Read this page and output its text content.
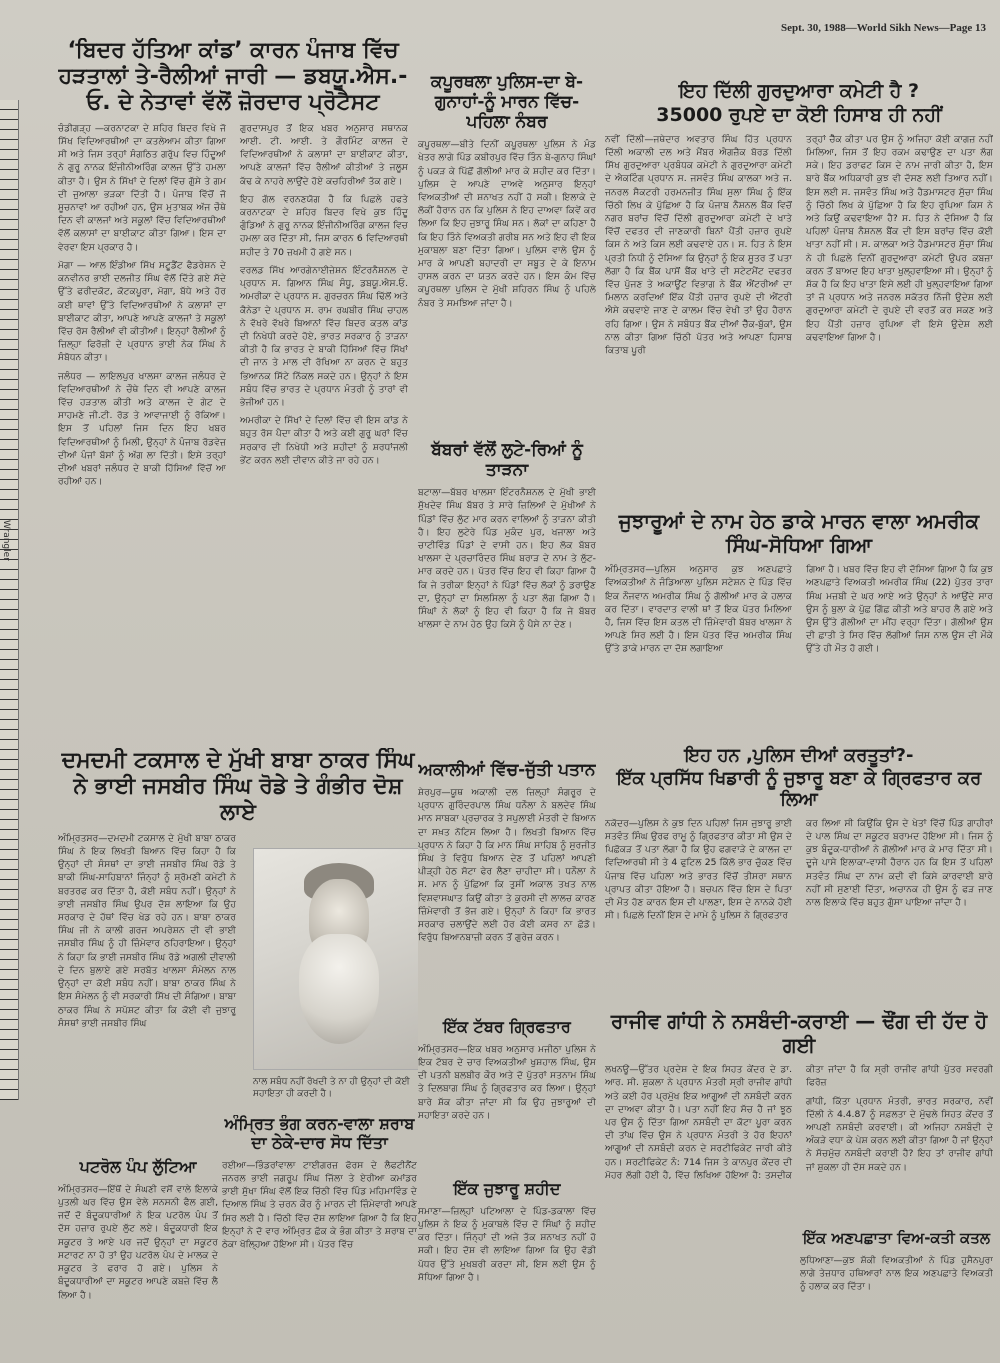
Wrangler
Sept. 30, 1988—World Sikh News—Page 13
‘ਬਿਦਰ ਹੱਤਿਆ ਕਾਂਡ’ ਕਾਰਨ ਪੰਜਾਬ ਵਿੱਚ ਹੜਤਾਲਾਂ ਤੇ-ਰੈਲੀਆਂ ਜਾਰੀ — ਡਬਯੂ.ਐਸ.-ਓ. ਦੇ ਨੇਤਾਵਾਂ ਵੱਲੋਂ ਜ਼ੋਰਦਾਰ ਪ੍ਰੋਟੈਸਟ

ਚੰਡੀਗੜ੍ਹ —ਕਰਨਾਟਕਾ ਦੇ ਸ਼ਹਿਰ ਬਿਦਰ ਵਿਖੇ ਜੋ ਸਿੱਖ ਵਿਦਿਆਰਥੀਆਂ ਦਾ ਕਤਲੇਆਮ ਕੀਤਾ ਗਿਆ ਸੀ ਅਤੇ ਜਿਸ ਤਰ੍ਹਾਂ ਸੰਗਠਿਤ ਗਰੁੱਪ ਵਿਚ ਹਿੰਦੂਆਂ ਨੇ ਗੁਰੂ ਨਾਨਕ ਇੰਜੀਨੀਅਰਿੰਗ ਕਾਲਜ ਉੱਤੇ ਹਮਲਾ ਕੀਤਾ ਹੈ। ਉਸ ਨੇ ਸਿੱਖਾਂ ਦੇ ਦਿਲਾਂ ਵਿੱਚ ਗੁੱਸੇ ਤੇ ਗਮ ਦੀ ਜੁਆਲਾ ਭੜਕਾ ਦਿੱਤੀ ਹੈ। ਪੰਜਾਬ ਵਿੱਚੋਂ ਜੋ ਸੂਚਨਾਵਾਂ ਆ ਰਹੀਆਂ ਹਨ, ਉਸ ਮੁਤਾਬਕ ਅੱਜ ਚੌਥੇ ਦਿਨ ਵੀ ਕਾਲਜਾਂ ਅਤੇ ਸਕੂਲਾਂ ਵਿੱਚ ਵਿਦਿਆਰਥੀਆਂ ਵੱਲੋਂ ਕਲਾਸਾਂ ਦਾ ਬਾਈਕਾਟ ਕੀਤਾ ਗਿਆ। ਇਸ ਦਾ ਵੇਰਵਾ ਇਸ ਪ੍ਰਕਾਰ ਹੈ।

ਮੋਗਾ — ਆਲ ਇੰਡੀਆ ਸਿੱਖ ਸਟੂਡੈਂਟ ਫੈਡਰੇਸ਼ਨ ਦੇ ਕਨਵੀਨਰ ਭਾਈ ਦਲਜੀਤ ਸਿੰਘ ਵੱਲੋਂ ਦਿੱਤੇ ਗਏ ਸੱਦੇ ਉੱਤੇ ਫਰੀਦਕੋਟ, ਕੋਟਕਪੂਰਾ, ਮੋਗਾ, ਬੱਧੇ ਅਤੇ ਹੋਰ ਕਈ ਥਾਵਾਂ ਉੱਤੇ ਵਿਦਿਆਰਥੀਆਂ ਨੇ ਕਲਾਸਾਂ ਦਾ ਬਾਈਕਾਟ ਕੀਤਾ, ਆਪਣੇ ਆਪਣੇ ਕਾਲਜਾਂ ਤੇ ਸਕੂਲਾਂ ਵਿੱਚ ਰੋਸ ਰੈਲੀਆਂ ਵੀ ਕੀਤੀਆਂ। ਇਨ੍ਹਾਂ ਰੈਲੀਆਂ ਨੂੰ ਜ਼ਿਲ੍ਹਾ ਫਿਰੋਜ਼ੀ ਦੇ ਪ੍ਰਧਾਨ ਭਾਈ ਨੇਕ ਸਿੰਘ ਨੇ ਸੰਬੋਧਨ ਕੀਤਾ।

ਜਲੰਧਰ — ਲਾਇਲਪੁਰ ਖਾਲਸਾ ਕਾਲਜ ਜਲੰਧਰ ਦੇ ਵਿਦਿਆਰਥੀਆਂ ਨੇ ਚੌਥੇ ਦਿਨ ਵੀ ਆਪਣੇ ਕਾਲਜ ਵਿੱਚ ਹੜਤਾਲ ਕੀਤੀ ਅਤੇ ਕਾਲਜ ਦੇ ਗੇਟ ਦੇ ਸਾਹਮਣੇ ਜੀ.ਟੀ. ਰੋਡ ਤੇ ਆਵਾਜਾਈ ਨੂੰ ਰੋਕਿਆ। ਇਸ ਤੋਂ ਪਹਿਲਾਂ ਜਿਸ ਦਿਨ ਇਹ ਖਬਰ ਵਿਦਿਆਰਥੀਆਂ ਨੂੰ ਮਿਲੀ, ਉਨ੍ਹਾਂ ਨੇ ਪੰਜਾਬ ਰੋਡਵੇਜ਼ ਦੀਆਂ ਪੰਜਾਂ ਬੱਸਾਂ ਨੂੰ ਅੱਗ ਲਾ ਦਿੱਤੀ। ਇਸੇ ਤਰ੍ਹਾਂ ਦੀਆਂ ਖਬਰਾਂ ਜਲੰਧਰ ਦੇ ਬਾਕੀ ਹਿੱਸਿਆਂ ਵਿੱਚੋਂ ਆ ਰਹੀਆਂ ਹਨ।

ਗੁਰਦਾਸਪੁਰ ਤੋਂ ਇਕ ਖਬਰ ਅਨੁਸਾਰ ਸਥਾਨਕ ਆਈ. ਟੀ. ਆਈ. ਤੇ ਗੌਰਮਿੰਟ ਕਾਲਜ ਦੇ ਵਿਦਿਆਰਥੀਆਂ ਨੇ ਕਲਾਸਾਂ ਦਾ ਬਾਈਕਾਟ ਕੀਤਾ, ਆਪਣੇ ਕਾਲਜਾਂ ਵਿੱਚ ਰੈਲੀਆਂ ਕੀਤੀਆਂ ਤੇ ਜਲੂਸ ਕੱਢ ਕੇ ਨਾਹਰੇ ਲਾਉਂਦੇ ਹੋਏ ਕਚਹਿਰੀਆਂ ਤੱਕ ਗਏ।

ਇਹ ਗੱਲ ਵਰਨਣਯੋਗ ਹੈ ਕਿ ਪਿਛਲੇ ਹਫਤੇ ਕਰਨਾਟਕਾ ਦੇ ਸ਼ਹਿਰ ਬਿਦਰ ਵਿਖੇ ਕੁਝ ਹਿੰਦੂ ਗੁੰਡਿਆਂ ਨੇ ਗੁਰੂ ਨਾਨਕ ਇੰਜੀਨੀਅਰਿੰਗ ਕਾਲਜ ਵਿਚ ਹਮਲਾ ਕਰ ਦਿੱਤਾ ਸੀ, ਜਿਸ ਕਾਰਨ 6 ਵਿਦਿਆਰਥੀ ਸ਼ਹੀਦ ਤੇ 70 ਜ਼ਖਮੀ ਹੋ ਗਏ ਸਨ।

ਵਰਲਡ ਸਿੱਖ ਆਰਗੇਨਾਈਜ਼ੇਸ਼ਨ ਇੰਟਰਨੈਸ਼ਨਲ ਦੇ ਪ੍ਰਧਾਨ ਸ. ਗਿਆਨ ਸਿੰਘ ਸੰਧੂ, ਡਬਯੂ.ਐਸ.ਓ. ਅਮਰੀਕਾ ਦੇ ਪ੍ਰਧਾਨ ਸ. ਗੁਰਚਰਨ ਸਿੰਘ ਢਿੱਲੋਂ ਅਤੇ ਕੈਨੇਡਾ ਦੇ ਪ੍ਰਧਾਨ ਸ. ਰਾਮ ਰਘਬੀਰ ਸਿੰਘ ਚਾਹਲ ਨੇ ਵੱਖਰੇ ਵੱਖਰੇ ਬਿਆਨਾਂ ਵਿੱਚ ਬਿਦਰ ਕਤਲ ਕਾਂਡ ਦੀ ਨਿਖੇਧੀ ਕਰਦੇ ਹੋਏ, ਭਾਰਤ ਸਰਕਾਰ ਨੂੰ ਤਾੜਨਾ ਕੀਤੀ ਹੈ ਕਿ ਭਾਰਤ ਦੇ ਬਾਕੀ ਹਿੱਸਿਆਂ ਵਿੱਚ ਸਿੱਖਾਂ ਦੀ ਜਾਨ ਤੇ ਮਾਲ ਦੀ ਰੱਖਿਆ ਨਾ ਕਰਨ ਦੇ ਬਹੁਤ ਭਿਆਨਕ ਸਿੱਟੇ ਨਿੱਕਲ ਸਕਦੇ ਹਨ। ਉਨ੍ਹਾਂ ਨੇ ਇਸ ਸਬੰਧ ਵਿੱਚ ਭਾਰਤ ਦੇ ਪ੍ਰਧਾਨ ਮੰਤਰੀ ਨੂੰ ਤਾਰਾਂ ਵੀ ਭੇਜੀਆਂ ਹਨ।

ਅਮਰੀਕਾ ਦੇ ਸਿੱਖਾਂ ਦੇ ਦਿਲਾਂ ਵਿੱਚ ਵੀ ਇਸ ਕਾਂਡ ਨੇ ਬਹੁਤ ਰੋਸ ਪੈਦਾ ਕੀਤਾ ਹੈ ਅਤੇ ਕਈ ਗੁਰੂ ਘਰਾਂ ਵਿੱਚ ਸਰਕਾਰ ਦੀ ਨਿਖੇਧੀ ਅਤੇ ਸ਼ਹੀਦਾਂ ਨੂੰ ਸ਼ਰਧਾਂਜਲੀ ਭੇਂਟ ਕਰਨ ਲਈ ਦੀਵਾਨ ਕੀਤੇ ਜਾ ਰਹੇ ਹਨ।

ਦਮਦਮੀ ਟਕਸਾਲ ਦੇ ਮੁੱਖੀ ਬਾਬਾ ਠਾਕਰ ਸਿੰਘ ਨੇ ਭਾਈ ਜਸਬੀਰ ਸਿੰਘ ਰੋਡੇ ਤੇ ਗੰਭੀਰ ਦੋਸ਼ ਲਾਏ

ਅੰਮ੍ਰਿਤਸਰ—ਦਮਦਮੀ ਟਕਸਾਲ ਦੇ ਮੁੱਖੀ ਬਾਬਾ ਠਾਕਰ ਸਿੰਘ ਨੇ ਇਕ ਲਿਖਤੀ ਬਿਆਨ ਵਿੱਚ ਕਿਹਾ ਹੈ ਕਿ ਉਨ੍ਹਾਂ ਦੀ ਸੰਸਥਾਂ ਦਾ ਭਾਈ ਜਸਬੀਰ ਸਿੰਘ ਰੋਡੇ ਤੇ ਬਾਕੀ ਸਿੰਘ-ਸਾਹਿਬਾਨਾਂ ਜਿੰਨ੍ਹਾਂ ਨੂੰ ਸ਼੍ਰੋਮਣੀ ਕਮੇਟੀ ਨੇ ਬਰਤਰਫ ਕਰ ਦਿੱਤਾ ਹੈ, ਕੋਈ ਸਬੰਧ ਨਹੀਂ। ਉਨ੍ਹਾਂ ਨੇ ਭਾਈ ਜਸਬੀਰ ਸਿੰਘ ਉਪਰ ਦੋਸ਼ ਲਾਇਆ ਕਿ ਉਹ ਸਰਕਾਰ ਦੇ ਹੱਥਾਂ ਵਿੱਚ ਖੇਡ ਰਹੇ ਹਨ। ਬਾਬਾ ਠਾਕਰ ਸਿੰਘ ਜੀ ਨੇ ਕਾਲੀ ਗਰਜ ਅਪਰੇਸ਼ਨ ਦੀ ਵੀ ਭਾਈ ਜਸਬੀਰ ਸਿੰਘ ਨੂੰ ਹੀ ਜ਼ਿੰਮੇਵਾਰ ਠਹਿਰਾਇਆ। ਉਨ੍ਹਾਂ ਨੇ ਕਿਹਾ ਕਿ ਭਾਈ ਜਸਬੀਰ ਸਿੰਘ ਰੋਡੇ ਅਗਲੀ ਦੀਵਾਲੀ ਦੇ ਦਿਨ ਬੁਲਾਏ ਗਏ ਸਰਬੱਤ ਖਾਲਸਾ ਸੰਮੇਲਨ ਨਾਲ ਉਨ੍ਹਾਂ ਦਾ ਕੋਈ ਸਬੰਧ ਨਹੀਂ। ਬਾਬਾ ਠਾਕਰ ਸਿੰਘ ਨੇ ਇਸ ਸੰਮੇਲਨ ਨੂੰ ਵੀ ਸਰਕਾਰੀ ਸਿੱਖ ਦੀ ਸੰਗਿਆ। ਬਾਬਾ ਠਾਕਰ ਸਿੰਘ ਨੇ ਸਪੱਸ਼ਟ ਕੀਤਾ ਕਿ ਕੋਈ ਵੀ ਜੁਝਾਰੂ ਸੰਸਥਾਂ ਭਾਈ ਜਸਬੀਰ ਸਿੰਘ

ਨਾਲ ਸਬੰਧ ਨਹੀਂ ਰੱਖਦੀ ਤੇ ਨਾ ਹੀ ਉਨ੍ਹਾਂ ਦੀ ਕੋਈ ਸਹਾਇਤਾ ਹੀ ਕਰਦੀ ਹੈ।
ਅੰਮ੍ਰਿਤ ਭੰਗ ਕਰਨ-ਵਾਲਾ ਸ਼ਰਾਬ ਦਾ ਠੇਕੇ-ਦਾਰ ਸੋਧ ਦਿੱਤਾ

ਰਈਆ—ਭਿੰਡਰਾਂਵਾਲਾ ਟਾਈਗਰਜ਼ ਫੋਰਸ ਦੇ ਲੈਫਟੀਨੈਂਟ ਜਨਰਲ ਭਾਈ ਜਗਰੂਪ ਸਿੰਘ ਜਿੱਲਾ ਤੇ ਏਰੀਆ ਕਮਾਂਡਰ ਭਾਈ ਸੁੱਖਾ ਸਿੰਘ ਵੱਲੋਂ ਇਕ ਚਿੱਠੀ ਵਿੱਚ ਪਿੰਡ ਮਹਿਮਾਵਿੰਡ ਦੇ ਦਿਆਲ ਸਿੰਘ ਤੇ ਚਰਨ ਕੌਰ ਨੂੰ ਮਾਰਨ ਦੀ ਜ਼ਿੰਮੇਵਾਰੀ ਆਪਣੇ ਸਿਰ ਲਈ ਹੈ। ਚਿੱਠੀ ਵਿੱਚ ਦੋਸ਼ ਲਾਇਆ ਗਿਆ ਹੈ ਕਿ ਇਹ ਇਨ੍ਹਾਂ ਨੇ ਦੋ ਵਾਰ ਅੰਮ੍ਰਿਤ ਛੱਕ ਕੇ ਭੰਗ ਕੀਤਾ ਤੇ ਸ਼ਰਾਬ ਦਾ ਠੇਕਾ ਖੋਲ੍ਹਿਆ ਹੋਇਆ ਸੀ। ਪੱਤਰ ਵਿੱਚ

ਪਟਰੋਲ ਪੰਪ ਲੁੱਟਿਆ

ਅੰਮ੍ਰਿਤਸਰ—ਇੱਥੋਂ ਦੇ ਸੰਘਣੀ ਵਸੋਂ ਵਾਲੇ ਇਲਾਕੇ ਪੁਤਲੀ ਘਰ ਵਿੱਚ ਉਸ ਵੇਲੇ ਸਨਸਨੀ ਫੈਲ ਗਈ, ਜਦੋਂ ਦੋ ਬੰਦੂਕਧਾਰੀਆਂ ਨੇ ਇਕ ਪਟਰੋਲ ਪੰਪ ਤੋਂ ਦੱਸ ਹਜ਼ਾਰ ਰੁਪਏ ਲੁੱਟ ਲਏ। ਬੰਦੂਕਧਾਰੀ ਇਕ ਸਕੂਟਰ ਤੇ ਆਏ ਪਰ ਜਦੋਂ ਉਨ੍ਹਾਂ ਦਾ ਸਕੂਟਰ ਸਟਾਰਟ ਨਾ ਹੋ ਤਾਂ ਉਹ ਪਟਰੋਲ ਪੰਪ ਦੇ ਮਾਲਕ ਦੇ ਸਕੂਟਰ ਤੇ ਫਰਾਰ ਹੋ ਗਏ। ਪੁਲਿਸ ਨੇ ਬੰਦੂਕਧਾਰੀਆਂ ਦਾ ਸਕੂਟਰ ਆਪਣੇ ਕਬਜ਼ੇ ਵਿੱਚ ਲੈ ਲਿਆ ਹੈ।

ਕਪੂਰਥਲਾ ਪੁਲਿਸ-ਦਾ ਬੇ-ਗੁਨਾਹਾਂ-ਨੂੰ ਮਾਰਨ ਵਿੱਚ-ਪਹਿਲਾ ਨੰਬਰ

ਕਪੂਰਥਲਾ—ਬੀਤੇ ਦਿਨੀਂ ਕਪੂਰਥਲਾ ਪੁਲਿਸ ਨੇ ਮੰਡ ਖੇਤਰ ਲਾਗੇ ਪਿੰਡ ਕਬੀਰਪੁਰ ਵਿੱਚ ਤਿੰਨ ਬੇ-ਗੁਨਾਹ ਸਿੰਘਾਂ ਨੂੰ ਪਕੜ ਕੇ ਪਿੱਛੋਂ ਗੋਲੀਆਂ ਮਾਰ ਕੇ ਸ਼ਹੀਦ ਕਰ ਦਿੱਤਾ। ਪੁਲਿਸ ਦੇ ਆਪਣੇ ਦਾਅਵੇ ਅਨੁਸਾਰ ਇਨ੍ਹਾਂ ਵਿਅਕਤੀਆਂ ਦੀ ਸ਼ਨਾਖਤ ਨਹੀਂ ਹੋ ਸਕੀ। ਇਲਾਕੇ ਦੇ ਲੋਕੀਂ ਹੈਰਾਨ ਹਨ ਕਿ ਪੁਲਿਸ ਨੇ ਇਹ ਦਾਅਵਾ ਕਿਵੇਂ ਕਰ ਲਿਆ ਕਿ ਇਹ ਜੁਝਾਰੂ ਸਿੰਘ ਸਨ। ਲੋਕਾਂ ਦਾ ਕਹਿਣਾ ਹੈ ਕਿ ਇਹ ਤਿੰਨੇ ਵਿਅਕਤੀ ਗਰੀਬ ਸਨ ਅਤੇ ਇਹ ਵੀ ਇਕ ਮੁਕਾਬਲਾ ਬਣਾ ਦਿੱਤਾ ਗਿਆ। ਪੁਲਿਸ ਵਾਲੇ ਉਸ ਨੂੰ ਮਾਰ ਕੇ ਆਪਣੀ ਬਹਾਦਰੀ ਦਾ ਸਬੂਤ ਦੇ ਕੇ ਇਨਾਮ ਹਾਸਲ ਕਰਨ ਦਾ ਯਤਨ ਕਰਦੇ ਹਨ। ਇਸ ਕੰਮ ਵਿੱਚ ਕਪੂਰਥਲਾ ਪੁਲਿਸ ਦੇ ਮੁੱਖੀ ਸ਼ਹਿਰਨ ਸਿੰਘ ਨੂੰ ਪਹਿਲੇ ਨੰਬਰ ਤੇ ਸਮਝਿਆ ਜਾਂਦਾ ਹੈ।

ਬੱਬਰਾਂ ਵੱਲੋਂ ਲੁਟੇ-ਰਿਆਂ ਨੂੰ ਤਾੜਨਾ

ਬਟਾਲਾ—ਬੱਬਰ ਖਾਲਸਾ ਇੰਟਰਨੈਸ਼ਨਲ ਦੇ ਮੁੱਖੀ ਭਾਈ ਸੁੱਖਦੇਵ ਸਿੰਘ ਬੱਬਰ ਤੇ ਸਾਰੇ ਜ਼ਿਲਿਆਂ ਦੇ ਮੁੱਖੀਆਂ ਨੇ ਪਿੰਡਾਂ ਵਿੱਚ ਲੁੱਟ ਮਾਰ ਕਰਨ ਵਾਲਿਆਂ ਨੂੰ ਤਾੜਨਾ ਕੀਤੀ ਹੈ। ਇਹ ਲੁਟੇਰੇ ਪਿੰਡ ਮੁਕੰਦ ਪੁਰ, ਖਜਾਲਾ ਅਤੇ ਚਾਟੀਵਿੰਡ ਪਿੰਡਾਂ ਦੇ ਵਾਸੀ ਹਨ। ਇਹ ਲੋਕ ਬੱਬਰ ਖਾਲਸਾ ਦੇ ਪ੍ਰਚਾਰਿੰਦਰ ਸਿੰਘ ਬਰਾੜ ਦੇ ਨਾਮ ਤੇ ਲੁੱਟ-ਮਾਰ ਕਰਦੇ ਹਨ। ਪੱਤਰ ਵਿੱਚ ਇਹ ਵੀ ਕਿਹਾ ਗਿਆ ਹੈ ਕਿ ਜੇ ਤਰੀਕਾ ਇਨ੍ਹਾਂ ਨੇ ਪਿੰਡਾਂ ਵਿੱਚ ਲੋਕਾਂ ਨੂੰ ਡਰਾਉਣ ਦਾ, ਉਨ੍ਹਾਂ ਦਾ ਸਿਲਸਿਲਾ ਨੂੰ ਪਤਾ ਲੱਗ ਗਿਆ ਹੈ। ਸਿੰਘਾਂ ਨੇ ਲੋਕਾਂ ਨੂੰ ਇਹ ਵੀ ਕਿਹਾ ਹੈ ਕਿ ਜੇ ਬੱਬਰ ਖਾਲਸਾ ਦੇ ਨਾਮ ਹੇਠ ਉਹ ਕਿਸੇ ਨੂੰ ਪੈਸੇ ਨਾ ਦੇਣ।

ਅਕਾਲੀਆਂ ਵਿੱਚ-ਜੁੱਤੀ ਪਤਾਨ

ਸ਼ੇਰਪੁਰ—ਯੂਥ ਅਕਾਲੀ ਦਲ ਜ਼ਿਲ੍ਹਾਂ ਸੰਗਰੂਰ ਦੇ ਪ੍ਰਧਾਨ ਗੁਰਿੰਦਰਪਾਲ ਸਿੰਘ ਧਨੌਲਾ ਨੇ ਬਲਦੇਵ ਸਿੰਘ ਮਾਨ ਸਾਬਕਾ ਪ੍ਰਚਾਰਕ ਤੇ ਸਪੁਲਾਈ ਮੰਤਰੀ ਦੇ ਬਿਆਨ ਦਾ ਸਖ਼ਤ ਨੋਟਿਸ ਲਿਆ ਹੈ। ਲਿਖਤੀ ਬਿਆਨ ਵਿੱਚ ਪ੍ਰਧਾਨ ਨੇ ਕਿਹਾ ਹੈ ਕਿ ਮਾਨ ਸਿੰਘ ਸਾਹਿਬ ਨੂੰ ਸੁਰਜੀਤ ਸਿੰਘ ਤੇ ਵਿਰੁੱਧ ਬਿਆਨ ਦੇਣ ਤੋਂ ਪਹਿਲਾਂ ਆਪਣੀ ਪੀੜ੍ਹੀ ਹੇਠ ਸੋਟਾ ਫੇਰ ਲੈਣਾ ਚਾਹੀਦਾ ਸੀ। ਧਨੌਲਾ ਨੇ ਸ. ਮਾਨ ਨੂੰ ਪੁੱਛਿਆ ਕਿ ਤੁਸੀਂ ਅਕਾਲ ਤਖਤ ਨਾਲ ਵਿਸ਼ਵਾਸਘਾਤ ਕਿਉਂ ਕੀਤਾ ਤੇ ਕੁਰਸੀ ਦੀ ਲਾਲਚ ਕਾਰਣ ਜ਼ਿੰਮੇਵਾਰੀ ਤੋਂ ਭੱਜ ਗਏ। ਉਨ੍ਹਾਂ ਨੇ ਕਿਹਾ ਕਿ ਭਾਰਤ ਸਰਕਾਰ ਚਲਾਉਂਦੇ ਲਈ ਹੋਰ ਕੋਈ ਕਸਰ ਨਾ ਛੱਡੋ। ਵਿਰੁੱਧ ਬਿਆਨਬਾਜ਼ੀ ਕਰਨ ਤੋਂ ਗੁਰੇਜ਼ ਕਰਨ।

ਇੱਕ ਟੱਬਰ ਗ੍ਰਿਫਤਾਰ

ਅੰਮ੍ਰਿਤਸਰ—ਇਕ ਖਬਰ ਅਨੁਸਾਰ ਮਜੀਠਾ ਪੁਲਿਸ ਨੇ ਇਕ ਟੱਬਰ ਦੇ ਚਾਰ ਵਿਅਕਤੀਆਂ ਖੁਸ਼ਹਾਲ ਸਿੰਘ, ਉਸ ਦੀ ਪਤਨੀ ਬਲਬੀਰ ਕੌਰ ਅਤੇ ਦੋ ਪੁੱਤਰਾਂ ਸਤਨਾਮ ਸਿੰਘ ਤੇ ਦਿਲਬਾਗ ਸਿੰਘ ਨੂੰ ਗ੍ਰਿਫਤਾਰ ਕਰ ਲਿਆ। ਉਨ੍ਹਾਂ ਬਾਰੇ ਸ਼ੱਕ ਕੀਤਾ ਜਾਂਦਾ ਸੀ ਕਿ ਉਹ ਜੁਝਾਰੂਆਂ ਦੀ ਸਹਾਇਤਾ ਕਰਦੇ ਹਨ।

ਇੱਕ ਜੁਝਾਰੂ ਸ਼ਹੀਦ

ਸਮਾਣਾ—ਜ਼ਿਲ੍ਹਾਂ ਪਟਿਆਲਾ ਦੇ ਪਿੰਡ-ਡਕਾਲਾ ਵਿੱਚ ਪੁਲਿਸ ਨੇ ਇਕ ਨੂੰ ਮੁਕਾਬਲੇ ਵਿੱਚ ਦੋ ਸਿੰਘਾਂ ਨੂੰ ਸ਼ਹੀਦ ਕਰ ਦਿੱਤਾ। ਜਿੰਨ੍ਹਾਂ ਦੀ ਅਜੇ ਤੱਕ ਸ਼ਨਾਖਤ ਨਹੀਂ ਹੋ ਸਕੀ। ਇਹ ਦੋਸ਼ ਵੀ ਲਾਇਆ ਗਿਆ ਕਿ ਉਹ ਵੱਡੀ ਪੱਧਰ ਉੱਤੇ ਮੁਖਬਰੀ ਕਰਦਾ ਸੀ, ਇਸ ਲਈ ਉਸ ਨੂੰ ਸੋਧਿਆ ਗਿਆ ਹੈ।

ਇਹ ਦਿੱਲੀ ਗੁਰਦੁਆਰਾ ਕਮੇਟੀ ਹੈ ?
35000 ਰੁਪਏ ਦਾ ਕੋਈ ਹਿਸਾਬ ਹੀ ਨਹੀਂ

ਨਵੀਂ ਦਿੱਲੀ—ਜਥੇਦਾਰ ਅਵਤਾਰ ਸਿੰਘ ਹਿੱਤ ਪ੍ਰਧਾਨ ਦਿੱਲੀ ਅਕਾਲੀ ਦਲ ਅਤੇ ਮੈਂਬਰ ਐਗਜ਼ੈਕ ਬੋਰਡ ਦਿੱਲੀ ਸਿੱਖ ਗੁਰਦੁਆਰਾ ਪ੍ਰਬੰਧਕ ਕਮੇਟੀ ਨੇ ਗੁਰਦੁਆਰਾ ਕਮੇਟੀ ਦੇ ਐਕਟਿੰਗ ਪ੍ਰਧਾਨ ਸ. ਜਸਵੰਤ ਸਿੰਘ ਕਾਲਕਾ ਅਤੇ ਜ. ਜਨਰਲ ਸੈਕਟਰੀ ਹਰਮਨਜੀਤ ਸਿੰਘ ਸੁਲਾ ਸਿੰਘ ਨੂੰ ਇੱਕ ਚਿੱਠੀ ਲਿਖ ਕੇ ਪੁੱਛਿਆ ਹੈ ਕਿ ਪੰਜਾਬ ਨੈਸ਼ਨਲ ਬੈਂਕ ਵਿਚੋਂ ਨਗਰ ਬਰਾਂਚ ਵਿੱਚੋਂ ਦਿੱਲੀ ਗੁਰਦੁਆਰਾ ਕਮੇਟੀ ਦੇ ਖਾਤੇ ਵਿੱਚੋਂ ਦਫਤਰ ਦੀ ਜਾਣਕਾਰੀ ਬਿਨਾਂ ਪੈਂਤੀ ਹਜ਼ਾਰ ਰੁਪਏ ਕਿਸ ਨੇ ਅਤੇ ਕਿਸ ਲਈ ਕਢਵਾਏ ਹਨ। ਸ. ਹਿਤ ਨੇ ਇਸ ਪ੍ਰਤੀ ਨਿਧੀ ਨੂੰ ਦੱਸਿਆ ਕਿ ਉਨ੍ਹਾਂ ਨੂੰ ਇਕ ਸੂਤਰ ਤੋਂ ਪਤਾ ਲੱਗਾ ਹੈ ਕਿ ਬੈਂਕ ਪਾਸੋਂ ਬੈਂਕ ਖਾਤੇ ਦੀ ਸਟੇਟਮੈਂਟ ਦਫਤਰ ਵਿੱਚ ਪੁੱਜਣ ਤੇ ਅਕਾਊਂਟ ਵਿਭਾਗ ਨੇ ਬੈਂਕ ਐਂਟਰੀਆਂ ਦਾ ਮਿਲਾਨ ਕਰਦਿਆਂ ਇੱਕ ਪੈਂਤੀ ਹਜ਼ਾਰ ਰੁਪਏ ਦੀ ਐਂਟਰੀ ਐਸੇ ਕਢਵਾਏ ਜਾਣ ਦੇ ਕਾਲਮ ਵਿੱਚ ਵੇਖੀ ਤਾਂ ਉਹ ਹੈਰਾਨ ਰਹਿ ਗਿਆ। ਉਸ ਨੇ ਸਬੰਧਤ ਬੈਂਕ ਦੀਆਂ ਚੈੱਕ-ਬੁੱਕਾਂ, ਉਸ ਨਾਲ ਕੀਤਾ ਗਿਆ ਚਿੱਠੀ ਪੱਤਰ ਅਤੇ ਆਪਣਾ ਹਿਸਾਬ ਕਿਤਾਬ ਪੂਰੀ

ਤਰ੍ਹਾਂ ਚੈੱਕ ਕੀਤਾ ਪਰ ਉਸ ਨੂੰ ਅਜਿਹਾ ਕੋਈ ਕਾਗਜ਼ ਨਹੀਂ ਮਿਲਿਆ, ਜਿਸ ਤੋਂ ਇਹ ਰਕਮ ਕਢਾਉਣ ਦਾ ਪਤਾ ਲੱਗ ਸਕੇ। ਇਹ ਡਰਾਫਟ ਕਿਸ ਦੇ ਨਾਮ ਜਾਰੀ ਕੀਤਾ ਹੈ, ਇਸ ਬਾਰੇ ਬੈਂਕ ਅਧਿਕਾਰੀ ਕੁਝ ਵੀ ਦੱਸਣ ਲਈ ਤਿਆਰ ਨਹੀਂ। ਇਸ ਲਈ ਸ. ਜਸਵੰਤ ਸਿੰਘ ਅਤੇ ਹੈਡਮਾਸਟਰ ਸੁੱਚਾ ਸਿੰਘ ਨੂੰ ਚਿੱਠੀ ਲਿਖ ਕੇ ਪੁੱਛਿਆ ਹੈ ਕਿ ਇਹ ਰੁਪਿਆ ਕਿਸ ਨੇ ਅਤੇ ਕਿਉਂ ਕਢਵਾਇਆ ਹੈ? ਸ. ਹਿਤ ਨੇ ਦੱਸਿਆ ਹੈ ਕਿ ਪਹਿਲਾਂ ਪੰਜਾਬ ਨੈਸ਼ਨਲ ਬੈਂਕ ਦੀ ਇਸ ਬਰਾਂਚ ਵਿੱਚ ਕੋਈ ਖਾਤਾ ਨਹੀਂ ਸੀ। ਸ. ਕਾਲਕਾ ਅਤੇ ਹੈਡਮਾਸਟਰ ਸੁੱਚਾ ਸਿੰਘ ਨੇ ਹੀ ਪਿਛਲੇ ਦਿਨੀਂ ਗੁਰਦੁਆਰਾ ਕਮੇਟੀ ਉਪਰ ਕਬਜ਼ਾ ਕਰਨ ਤੋਂ ਬਾਅਦ ਇਹ ਖਾਤਾ ਖੁਲ੍ਹਵਾਇਆ ਸੀ। ਉਨ੍ਹਾਂ ਨੂੰ ਸ਼ੱਕ ਹੈ ਕਿ ਇਹ ਖਾਤਾ ਇਸੇ ਲਈ ਹੀ ਖੁਲ੍ਹਵਾਇਆ ਗਿਆ ਤਾਂ ਜੋ ਪ੍ਰਧਾਨ ਅਤੇ ਜਨਰਲ ਸਕੱਤਰ ਨਿੱਜੀ ਉਦੇਸ਼ ਲਈ ਗੁਰਦੁਆਰਾ ਕਮੇਟੀ ਦੇ ਰੁਪਏ ਦੀ ਵਰਤੋਂ ਕਰ ਸਕਣ ਅਤੇ ਇਹ ਪੈਂਤੀ ਹਜ਼ਾਰ ਰੁਪਿਆ ਵੀ ਇਸੇ ਉਦੇਸ਼ ਲਈ ਕਢਵਾਇਆ ਗਿਆ ਹੈ।

ਜੁਝਾਰੂਆਂ ਦੇ ਨਾਮ ਹੇਠ ਡਾਕੇ ਮਾਰਨ ਵਾਲਾ ਅਮਰੀਕ ਸਿੰਘ-ਸੋਧਿਆ ਗਿਆ

ਅੰਮ੍ਰਿਤਸਰ—ਪੁਲਿਸ ਅਨੁਸਾਰ ਕੁਝ ਅਣਪਛਾਤੇ ਵਿਅਕਤੀਆਂ ਨੇ ਜੰਡਿਆਲਾ ਪੁਲਿਸ ਸਟੇਸ਼ਨ ਦੇ ਪਿੰਡ ਵਿੱਚ ਇਕ ਨੌਜਵਾਨ ਅਮਰੀਕ ਸਿੰਘ ਨੂੰ ਗੋਲੀਆਂ ਮਾਰ ਕੇ ਹਲਾਕ ਕਰ ਦਿੱਤਾ। ਵਾਰਦਾਤ ਵਾਲੀ ਥਾਂ ਤੋਂ ਇਕ ਪੱਤਰ ਮਿਲਿਆ ਹੈ, ਜਿਸ ਵਿੱਚ ਇਸ ਕਤਲ ਦੀ ਜ਼ਿੰਮੇਵਾਰੀ ਬੱਬਰ ਖਾਲਸਾ ਨੇ ਆਪਣੇ ਸਿਰ ਲਈ ਹੈ। ਇਸ ਪੱਤਰ ਵਿੱਚ ਅਮਰੀਕ ਸਿੰਘ ਉੱਤੇ ਡਾਕੇ ਮਾਰਨ ਦਾ ਦੋਸ਼ ਲਗਾਇਆ

ਗਿਆ ਹੈ। ਖਬਰ ਵਿੱਚ ਇਹ ਵੀ ਦੱਸਿਆ ਗਿਆ ਹੈ ਕਿ ਕੁਝ ਅਣਪਛਾਤੇ ਵਿਅਕਤੀ ਅਮਰੀਕ ਸਿੰਘ (22) ਪੁੱਤਰ ਤਾਰਾ ਸਿੰਘ ਮਜ਼ਬੀ ਦੇ ਘਰ ਆਏ ਅਤੇ ਉਨ੍ਹਾਂ ਨੇ ਆਉਂਦੇ ਸਾਰ ਉਸ ਨੂੰ ਬੁਲਾ ਕੇ ਪੁੱਛ ਗਿੱਛ ਕੀਤੀ ਅਤੇ ਬਾਹਰ ਲੈ ਗਏ ਅਤੇ ਉਸ ਉੱਤੇ ਗੋਲੀਆਂ ਦਾ ਮੀਂਹ ਵਰ੍ਹਾ ਦਿੱਤਾ। ਗੋਲੀਆਂ ਉਸ ਦੀ ਛਾਤੀ ਤੇ ਸਿਰ ਵਿੱਚ ਲੱਗੀਆਂ ਜਿਸ ਨਾਲ ਉਸ ਦੀ ਮੌਕੇ ਉੱਤੇ ਹੀ ਮੌਤ ਹੋ ਗਈ।

ਇਹ ਹਨ ,ਪੁਲਿਸ ਦੀਆਂ ਕਰਤੂਤਾਂ?-
ਇੱਕ ਪ੍ਰਸਿੱਧ ਖਿਡਾਰੀ ਨੂੰ ਜੁਝਾਰੂ ਬਣਾ ਕੇ ਗ੍ਰਿਫਤਾਰ ਕਰ ਲਿਆ

ਨਕੋਦਰ—ਪੁਲਿਸ ਨੇ ਕੁਝ ਦਿਨ ਪਹਿਲਾਂ ਜਿਸ ਜੁਝਾਰੂ ਭਾਈ ਸਤਵੰਤ ਸਿੰਘ ਉਰਫ ਰਾਮੂ ਨੂੰ ਗ੍ਰਿਫਤਾਰ ਕੀਤਾ ਸੀ ਉਸ ਦੇ ਪਿਛੋਕੜ ਤੋਂ ਪਤਾ ਲੱਗਾ ਹੈ ਕਿ ਉਹ ਫਗਵਾੜੇ ਦੇ ਕਾਲਜ ਦਾ ਵਿਦਿਆਰਥੀ ਸੀ ਤੇ 4 ਫੁਟਿਲ 25 ਕਿੱਲੋ ਭਾਰ ਚੁੱਕਣ ਵਿੱਚ ਪੰਜਾਬ ਵਿੱਚ ਪਹਿਲਾ ਅਤੇ ਭਾਰਤ ਵਿੱਚੋਂ ਤੀਸਰਾ ਸਥਾਨ ਪ੍ਰਾਪਤ ਕੀਤਾ ਹੋਇਆ ਹੈ। ਬਚਪਨ ਵਿੱਚ ਇਸ ਦੇ ਪਿਤਾ ਦੀ ਮੌਤ ਹੋਣ ਕਾਰਨ ਇਸ ਦੀ ਪਾਲਣਾ, ਇਸ ਦੇ ਨਾਨਕੇ ਹੋਈ ਸੀ। ਪਿਛਲੇ ਦਿਨੀਂ ਇਸ ਦੇ ਮਾਮੇ ਨੂੰ ਪੁਲਿਸ ਨੇ ਗ੍ਰਿਫਤਾਰ

ਕਰ ਲਿਆ ਸੀ ਕਿਉਂਕਿ ਉਸ ਦੇ ਖੇਤਾਂ ਵਿੱਚੋਂ ਪਿੰਡ ਗਾਹੀਰਾਂ ਦੇ ਪਾਲ ਸਿੰਘ ਦਾ ਸਕੂਟਰ ਬਰਾਮਦ ਹੋਇਆ ਸੀ। ਜਿਸ ਨੂੰ ਕੁਝ ਬੰਦੂਕ-ਧਾਰੀਆਂ ਨੇ ਗੋਲੀਆਂ ਮਾਰ ਕੇ ਮਾਰ ਦਿੱਤਾ ਸੀ। ਦੂਜੇ ਪਾਸੇ ਇਲਾਕਾ-ਵਾਸੀ ਹੈਰਾਨ ਹਨ ਕਿ ਇਸ ਤੋਂ ਪਹਿਲਾਂ ਸਤਵੰਤ ਸਿੰਘ ਦਾ ਨਾਮ ਕਦੀ ਵੀ ਕਿਸੇ ਕਾਰਵਾਈ ਬਾਰੇ ਨਹੀਂ ਸੀ ਸੁਣਾਈ ਦਿੱਤਾ, ਅਚਾਨਕ ਹੀ ਉਸ ਨੂੰ ਫੜ ਜਾਣ ਨਾਲ ਇਲਾਕੇ ਵਿੱਚ ਬਹੁਤ ਗੁੱਸਾ ਪਾਇਆ ਜਾਂਦਾ ਹੈ।

ਰਾਜੀਵ ਗਾਂਧੀ ਨੇ ਨਸਬੰਦੀ-ਕਰਾਈ — ਢੌਂਗ ਦੀ ਹੱਦ ਹੋ ਗਈ

ਲਖਨਊ—ਉੱਤਰ ਪ੍ਰਦੇਸ਼ ਦੇ ਇਕ ਸਿਹਤ ਕੇਂਦਰ ਦੇ ਡਾ. ਆਰ. ਸੀ. ਸ਼ੁਕਲਾ ਨੇ ਪ੍ਰਧਾਨ ਮੰਤਰੀ ਸ੍ਰੀ ਰਾਜੀਵ ਗਾਂਧੀ ਅਤੇ ਕਈ ਹੋਰ ਪ੍ਰਮੁੱਖ ਇਕ ਆਗੂਆਂ ਦੀ ਨਸਬੰਦੀ ਕਰਨ ਦਾ ਦਾਅਵਾ ਕੀਤਾ ਹੈ। ਪਤਾ ਨਹੀਂ ਇਹ ਸੱਚ ਹੈ ਜਾਂ ਝੂਠ ਪਰ ਉਸ ਨੂੰ ਦਿੱਤਾ ਗਿਆ ਨਸਬੰਦੀ ਦਾ ਕੋਟਾ ਪੂਰਾ ਕਰਨ ਦੀ ਤਾਂਘ ਵਿੱਚ ਉਸ ਨੇ ਪ੍ਰਧਾਨ ਮੰਤਰੀ ਤੇ ਹੋਰ ਇਹਨਾਂ ਆਗੂਆਂ ਦੀ ਨਸਬੰਦੀ ਕਰਨ ਦੇ ਸਰਟੀਫਿਕੇਟ ਜਾਰੀ ਕੀਤੇ ਹਨ। ਸਰਟੀਫਿਕੇਟ ਨੰ: 714 ਜਿਸ ਤੇ ਕਾਨਪੁਰ ਕੇਂਦਰ ਦੀ ਮੋਹਰ ਲੱਗੀ ਹੋਈ ਹੈ, ਵਿੱਚ ਲਿਖਿਆ ਹੋਇਆ ਹੈ: ਤਸਦੀਕ ਕੀਤਾ ਜਾਂਦਾ ਹੈ ਕਿ ਸ੍ਰੀ ਰਾਜੀਵ ਗਾਂਧੀ ਪੁੱਤਰ ਸਵਰਗੀ ਫਿਰੋਜ਼

ਗਾਂਧੀ, ਕਿੱਤਾ ਪ੍ਰਧਾਨ ਮੰਤਰੀ, ਭਾਰਤ ਸਰਕਾਰ, ਨਵੀਂ ਦਿੱਲੀ ਨੇ 4.4.87 ਨੂੰ ਸਫ਼ਲਤਾ ਦੇ ਮੁੱਢਲੇ ਸਿਹਤ ਕੇਂਦਰ ਤੋਂ ਆਪਣੀ ਨਸਬੰਦੀ ਕਰਵਾਈ। ਕੀ ਅਜਿਹਾ ਨਸਬੰਦੀ ਦੇ ਅੰਕੜੇ ਵਧਾ ਕੇ ਪੇਸ਼ ਕਰਨ ਲਈ ਕੀਤਾ ਗਿਆ ਹੈ ਜਾਂ ਉਨ੍ਹਾਂ ਨੇ ਸੱਚਮੁੱਚ ਨਸਬੰਦੀ ਕਰਾਈ ਹੈ? ਇਹ ਤਾਂ ਰਾਜੀਵ ਗਾਂਧੀ ਜਾਂ ਸ਼ੁਕਲਾ ਹੀ ਦੱਸ ਸਕਦੇ ਹਨ।

ਇੱਕ ਅਣਪਛਾਤਾ ਵਿਅ-ਕਤੀ ਕਤਲ

ਲੁਧਿਆਣਾ—ਕੁਝ ਸ਼ੱਕੀ ਵਿਅਕਤੀਆਂ ਨੇ ਪਿੰਡ ਹੁਸੈਨਪੁਰਾ ਲਾਗੇ ਤੇਜ਼ਧਾਰ ਹਥਿਆਰਾਂ ਨਾਲ ਇਕ ਅਣਪਛਾਤੇ ਵਿਅਕਤੀ ਨੂੰ ਹਲਾਕ ਕਰ ਦਿੱਤਾ।
